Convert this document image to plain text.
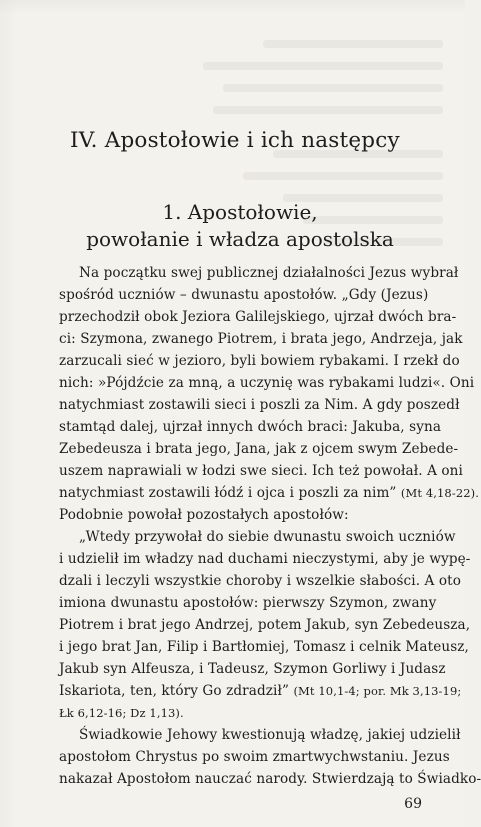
IV. Apostołowie i ich następcy
1. Apostołowie,
powołanie i władza apostolska

Na początku swej publicznej działalności Jezus wybrał

spośród uczniów – dwunastu apostołów. „Gdy (Jezus)

przechodził obok Jeziora Galilejskiego, ujrzał dwóch bra-

ci: Szymona, zwanego Piotrem, i brata jego, Andrzeja, jak

zarzucali sieć w jezioro, byli bowiem rybakami. I rzekł do

nich: »Pójdźcie za mną, a uczynię was rybakami ludzi«. Oni

natychmiast zostawili sieci i poszli za Nim. A gdy poszedł

stamtąd dalej, ujrzał innych dwóch braci: Jakuba, syna

Zebedeusza i brata jego, Jana, jak z ojcem swym Zebede-

uszem naprawiali w łodzi swe sieci. Ich też powołał. A oni

natychmiast zostawili łódź i ojca i poszli za nim” (Mt 4,18-22).

Podobnie powołał pozostałych apostołów:

„Wtedy przywołał do siebie dwunastu swoich uczniów

i udzielił im władzy nad duchami nieczystymi, aby je wypę-

dzali i leczyli wszystkie choroby i wszelkie słabości. A oto

imiona dwunastu apostołów: pierwszy Szymon, zwany

Piotrem i brat jego Andrzej, potem Jakub, syn Zebedeusza,

i jego brat Jan, Filip i Bartłomiej, Tomasz i celnik Mateusz,

Jakub syn Alfeusza, i Tadeusz, Szymon Gorliwy i Judasz

Iskariota, ten, który Go zdradził” (Mt 10,1-4; por. Mk 3,13-19;

Łk 6,12-16; Dz 1,13).

Świadkowie Jehowy kwestionują władzę, jakiej udzielił

apostołom Chrystus po swoim zmartwychwstaniu. Jezus

nakazał Apostołom nauczać narody. Stwierdzają to Świadko-

69
